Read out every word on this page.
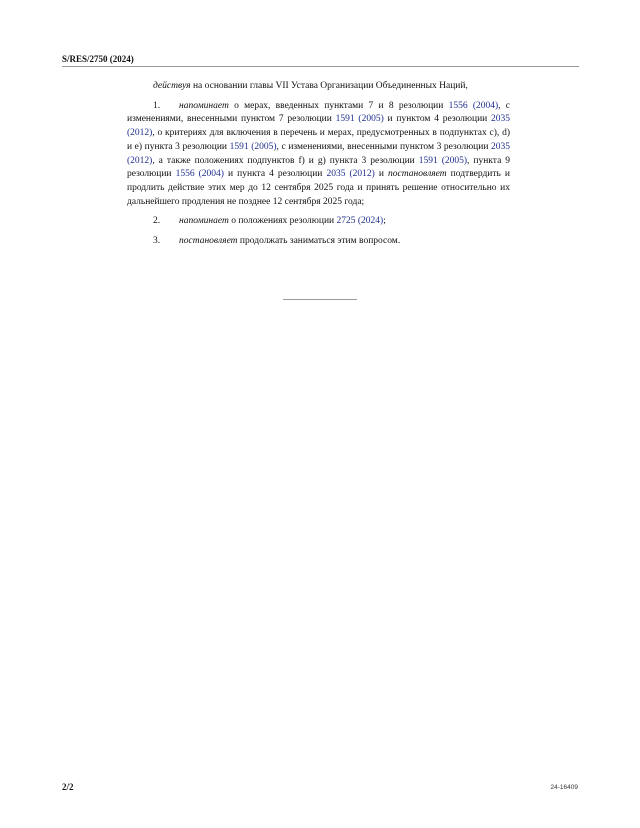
S/RES/2750 (2024)

действуя на основании главы VII Устава Организации Объединенных Наций,

1. напоминает о мерах, введенных пунктами 7 и 8 резолюции 1556 (2004), с изменениями, внесенными пунктом 7 резолюции 1591 (2005) и пунктом 4 резолюции 2035 (2012), о критериях для включения в перечень и мерах, предусмотренных в подпунктах c), d) и e) пункта 3 резолюции 1591 (2005), с изменениями, внесенными пунктом 3 резолюции 2035 (2012), а также положениях подпунктов f) и g) пункта 3 резолюции 1591 (2005), пункта 9 резолюции 1556 (2004) и пункта 4 резолюции 2035 (2012) и постановляет подтвердить и продлить действие этих мер до 12 сентября 2025 года и принять решение относительно их дальнейшего продления не позднее 12 сентября 2025 года;

2. напоминает о положениях резолюции 2725 (2024);

3. постановляет продолжать заниматься этим вопросом.

2/2	24-16409
